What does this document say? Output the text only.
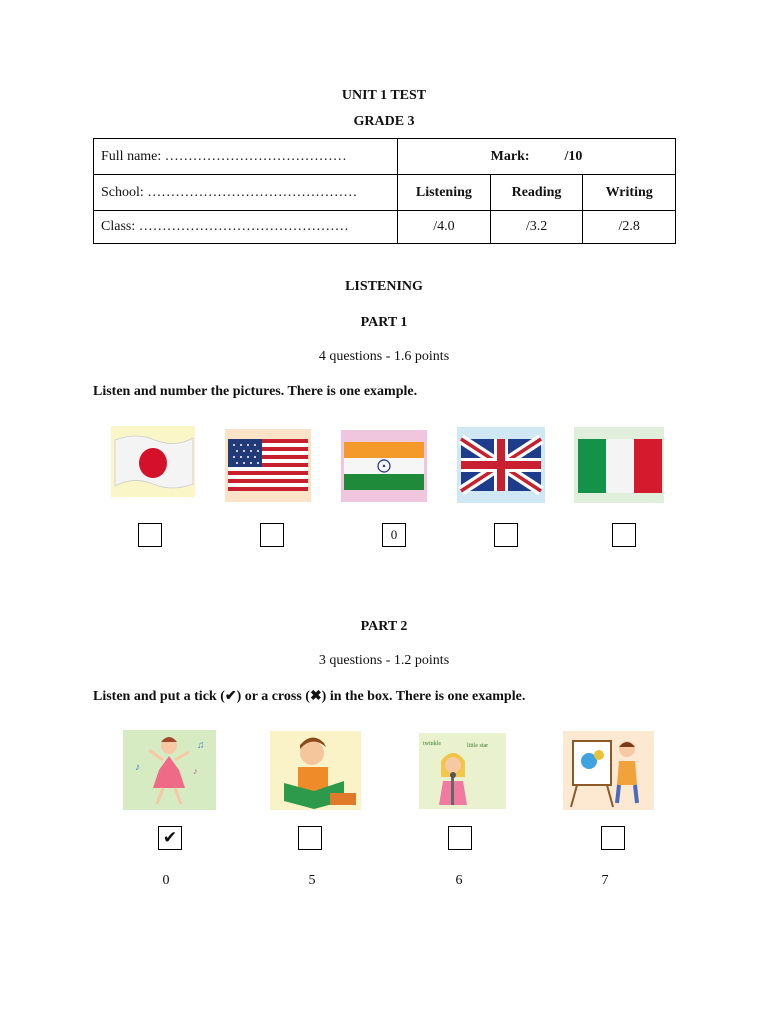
UNIT 1 TEST
GRADE 3
Full name: …………………………………	Mark: /10		
School: ………………………………………	Listening	Reading	Writing
Class: ………………………………………	/4.0	/3.2	/2.8
LISTENING
PART 1
4 questions - 1.6 points
Listen and number the pictures. There is one example.
0
PART 2
3 questions - 1.2 points
Listen and put a tick (✔) or a cross (✖) in the box. There is one example.
♪
♫
♪
twinkle	little star
✔
0	5	6	7
